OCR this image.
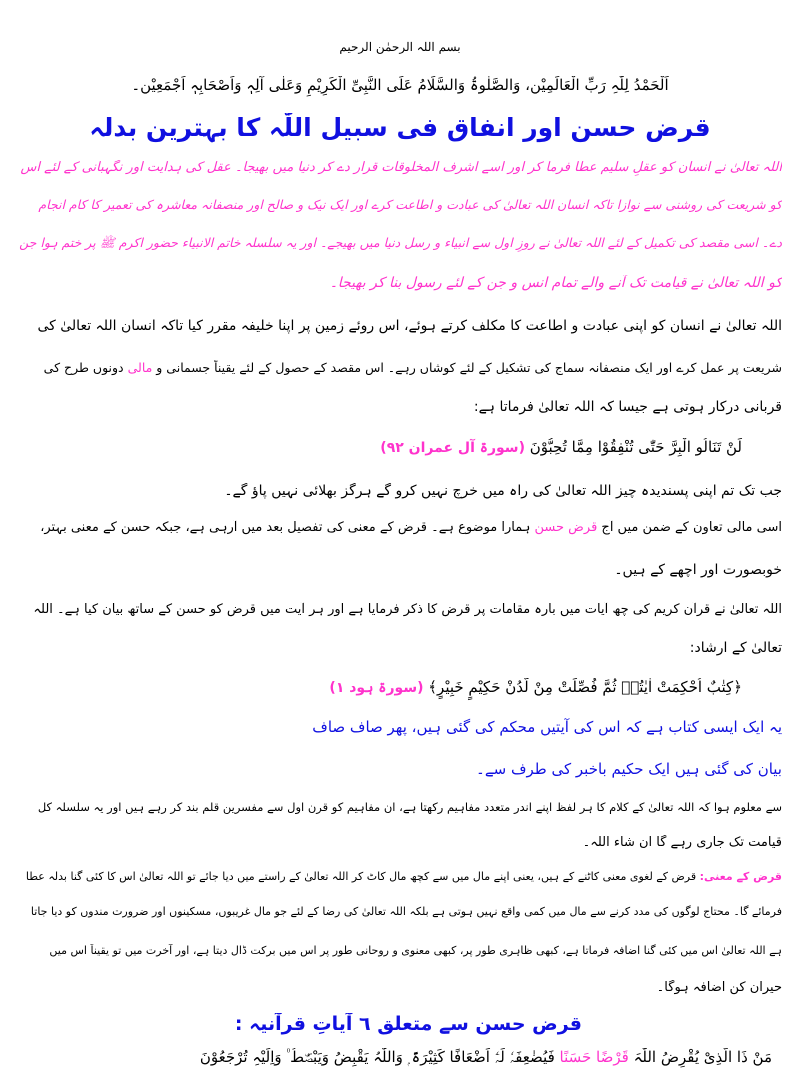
بسم اللہ الرحمٰن الرحیم
اَلْحَمْدُ لِلّٰہِ رَبِّ الْعَالَمِیْن، وَالصَّلٰوۃُ وَالسَّلَامُ عَلَی النَّبِیِّ الْکَرِیْمِ وَعَلٰی آلِہٖ وَاَصْحَابِہٖ اَجْمَعِیْن۔
قرض حسن اور انفاق فی سبیل اللّٰہ کا بہترین بدلہ
اللہ تعالیٰ نے انسان کو عقلِ سلیم عطا فرما کر اور اسے اشرف المخلوقات قرار دے کر دنیا میں بھیجا۔ عقل کی ہدایت اور نگہبانی کے لئے اس
کو شریعت کی روشنی سے نوازا تاکہ انسان اللہ تعالیٰ کی عبادت و اطاعت کرے اور ایک نیک و صالح اور منصفانہ معاشرہ کی تعمیر کا کام انجام
دے۔ اسی مقصد کی تکمیل کے لئے اللہ تعالیٰ نے روزِ اول سے انبیاء و رسل دنیا میں بھیجے۔ اور یہ سلسلہ خاتم الانبیاء حضور اکرم ﷺ پر ختم ہوا جن
کو اللہ تعالیٰ نے قیامت تک آنے والے تمام انس و جن کے لئے رسول بنا کر بھیجا۔
اللہ تعالیٰ نے انسان کو اپنی عبادت و اطاعت کا مکلف کرتے ہوئے، اس روئے زمین پر اپنا خلیفہ مقرر کیا تاکہ انسان اللہ تعالیٰ کی
شریعت پر عمل کرے اور ایک منصفانہ سماج کی تشکیل کے لئے کوشاں رہے۔ اس مقصد کے حصول کے لئے یقیناً جسمانی و مالی دونوں طرح کی
قربانی درکار ہوتی ہے جیسا کہ اللہ تعالیٰ فرماتا ہے:
لَنْ تَنَالُو الْبِرَّ حَتّٰی تُنْفِقُوْا مِمَّا تُحِبُّوْنَ (سورۃ آل عمران ۹۲)
جب تک تم اپنی پسندیدہ چیز اللہ تعالیٰ کی راہ میں خرچ نہیں کرو گے ہرگز بھلائی نہیں پاؤ گے۔
اسی مالی تعاون کے ضمن میں آج قرض حسن ہمارا موضوع ہے۔ قرض کے معنی کی تفصیل بعد میں آرہی ہے، جبکہ حسن کے معنی بہتر،
خوبصورت اور اچھے کے ہیں۔
اللہ تعالیٰ نے قرآن کریم کی چھ آیات میں بارہ مقامات پر قرض کا ذکر فرمایا ہے اور ہر آیت میں قرض کو حسن کے ساتھ بیان کیا ہے۔ اللہ
تعالیٰ کے ارشاد:
﴿کِتٰبٌ اُحْکِمَتْ اٰیٰتُہٗ ثُمَّ فُصِّلَتْ مِنْ لَّدُنْ حَکِیْمٍ خَبِیْرٍ﴾ (سورۃ ہود ۱)
یہ ایک ایسی کتاب ہے کہ اس کی آیتیں محکم کی گئی ہیں، پھر صاف صاف
بیان کی گئی ہیں ایک حکیم باخبر کی طرف سے۔
سے معلوم ہوا کہ اللہ تعالیٰ کے کلام کا ہر لفظ اپنے اندر متعدد مفاہیم رکھتا ہے، ان مفاہیم کو قرن اول سے مفسرین قلم بند کر رہے ہیں اور یہ سلسلہ کل
قیامت تک جاری رہے گا ان شاء اللہ۔
قرض کے معنی: قرض کے لغوی معنی کاٹنے کے ہیں، یعنی اپنے مال میں سے کچھ مال کاٹ کر اللہ تعالیٰ کے راستے میں دیا جائے تو اللہ تعالیٰ اس کا کئی گنا بدلہ عطا
فرمائے گا۔ محتاج لوگوں کی مدد کرنے سے مال میں کمی واقع نہیں ہوتی ہے بلکہ اللہ تعالیٰ کی رضا کے لئے جو مال غریبوں، مسکینوں اور ضرورت مندوں کو دیا جاتا
ہے اللہ تعالیٰ اس میں کئی گنا اضافہ فرماتا ہے، کبھی ظاہری طور پر، کبھی معنوی و روحانی طور پر اس میں برکت ڈال دیتا ہے، اور آخرت میں تو یقیناً اس میں
حیران کن اضافہ ہوگا۔
قرض حسن سے متعلق ٦ آیاتِ قرآنیہ :
مَنْ ذَا الَّذِیْ یُقْرِضُ اللّٰہَ قَرْضًا حَسَنًا فَیُضٰعِفَہٗ لَہٗٓ اَضْعَافًا کَثِیْرَۃً ۭ وَاللّٰہُ یَقْبِضُ وَیَبْصُۜطُ ۠ وَاِلَیْہِ تُرْجَعُوْنَ
